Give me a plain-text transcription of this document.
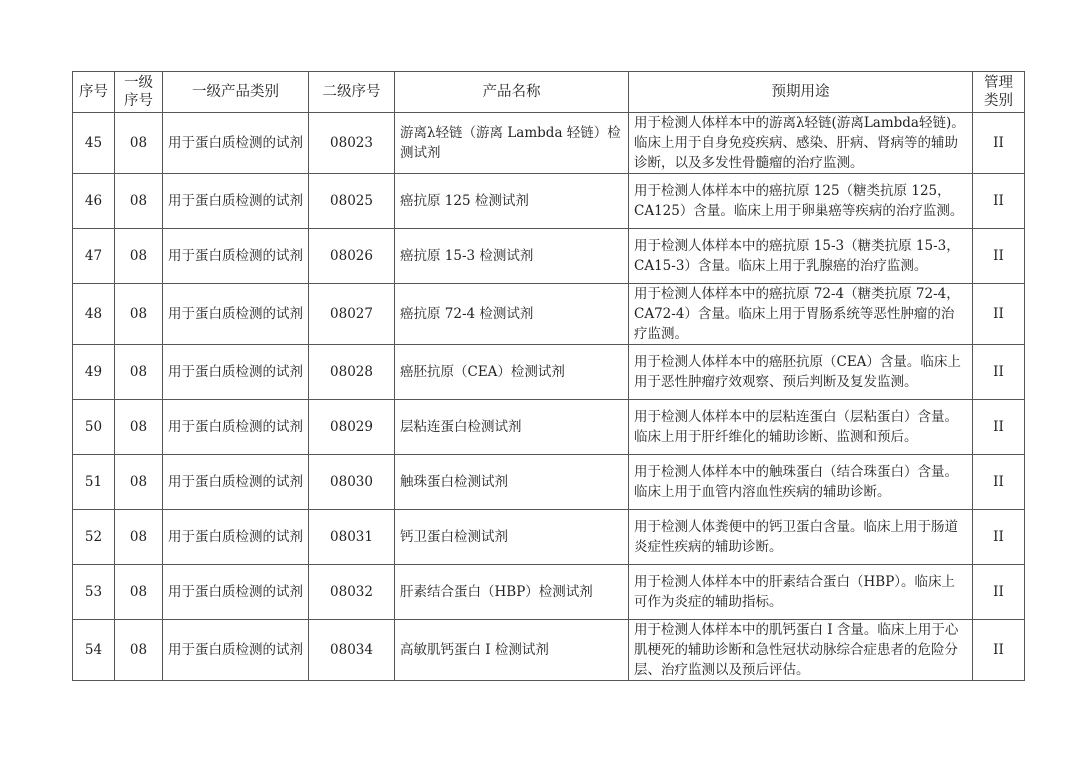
序号	一级序号	一级产品类别	二级序号	产品名称	预期用途	管理类别
45	08	用于蛋白质检测的试剂	08023	游离λ轻链（游离 Lambda 轻链）检测试剂	用于检测人体样本中的游离λ轻链(游离Lambda轻链)。临床上用于自身免疫疾病、感染、肝病、肾病等的辅助诊断，以及多发性骨髓瘤的治疗监测。	II
46	08	用于蛋白质检测的试剂	08025	癌抗原 125 检测试剂	用于检测人体样本中的癌抗原 125（糖类抗原 125，CA125）含量。临床上用于卵巢癌等疾病的治疗监测。	II
47	08	用于蛋白质检测的试剂	08026	癌抗原 15-3 检测试剂	用于检测人体样本中的癌抗原 15-3（糖类抗原 15-3，CA15-3）含量。临床上用于乳腺癌的治疗监测。	II
48	08	用于蛋白质检测的试剂	08027	癌抗原 72-4 检测试剂	用于检测人体样本中的癌抗原 72-4（糖类抗原 72-4，CA72-4）含量。临床上用于胃肠系统等恶性肿瘤的治疗监测。	II
49	08	用于蛋白质检测的试剂	08028	癌胚抗原（CEA）检测试剂	用于检测人体样本中的癌胚抗原（CEA）含量。临床上用于恶性肿瘤疗效观察、预后判断及复发监测。	II
50	08	用于蛋白质检测的试剂	08029	层粘连蛋白检测试剂	用于检测人体样本中的层粘连蛋白（层粘蛋白）含量。临床上用于肝纤维化的辅助诊断、监测和预后。	II
51	08	用于蛋白质检测的试剂	08030	触珠蛋白检测试剂	用于检测人体样本中的触珠蛋白（结合珠蛋白）含量。临床上用于血管内溶血性疾病的辅助诊断。	II
52	08	用于蛋白质检测的试剂	08031	钙卫蛋白检测试剂	用于检测人体粪便中的钙卫蛋白含量。临床上用于肠道炎症性疾病的辅助诊断。	II
53	08	用于蛋白质检测的试剂	08032	肝素结合蛋白（HBP）检测试剂	用于检测人体样本中的肝素结合蛋白（HBP）。临床上可作为炎症的辅助指标。	II
54	08	用于蛋白质检测的试剂	08034	高敏肌钙蛋白 I 检测试剂	用于检测人体样本中的肌钙蛋白 I 含量。临床上用于心肌梗死的辅助诊断和急性冠状动脉综合症患者的危险分层、治疗监测以及预后评估。	II
